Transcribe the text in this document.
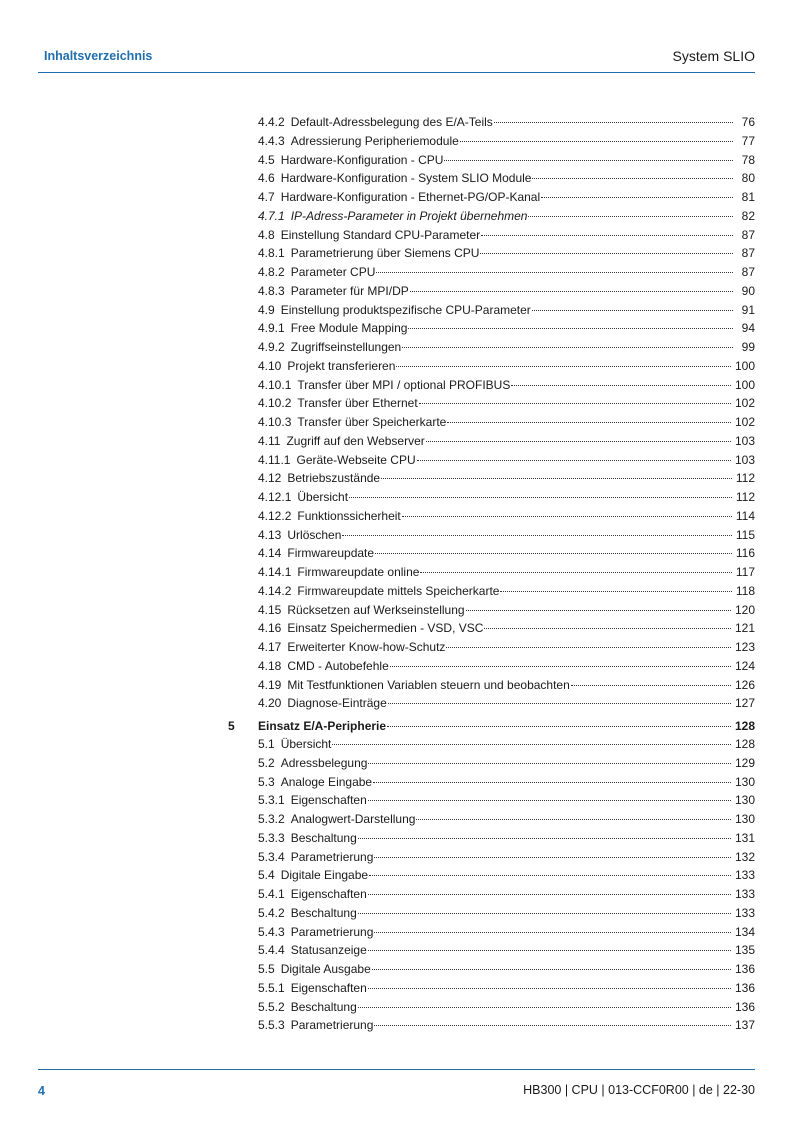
Inhaltsverzeichnis	System SLIO
4.4.2 Default-Adressbelegung des E/A-Teils	76
4.4.3 Adressierung Peripheriemodule	77
4.5 Hardware-Konfiguration - CPU	78
4.6 Hardware-Konfiguration - System SLIO Module	80
4.7 Hardware-Konfiguration - Ethernet-PG/OP-Kanal	81
4.7.1 IP-Adress-Parameter in Projekt übernehmen	82
4.8 Einstellung Standard CPU-Parameter	87
4.8.1 Parametrierung über Siemens CPU	87
4.8.2 Parameter CPU	87
4.8.3 Parameter für MPI/DP	90
4.9 Einstellung produktspezifische CPU-Parameter	91
4.9.1 Free Module Mapping	94
4.9.2 Zugriffseinstellungen	99
4.10 Projekt transferieren	100
4.10.1 Transfer über MPI / optional PROFIBUS	100
4.10.2 Transfer über Ethernet	102
4.10.3 Transfer über Speicherkarte	102
4.11 Zugriff auf den Webserver	103
4.11.1 Geräte-Webseite CPU	103
4.12 Betriebszustände	112
4.12.1 Übersicht	112
4.12.2 Funktionssicherheit	114
4.13 Urlöschen	115
4.14 Firmwareupdate	116
4.14.1 Firmwareupdate online	117
4.14.2 Firmwareupdate mittels Speicherkarte	118
4.15 Rücksetzen auf Werkseinstellung	120
4.16 Einsatz Speichermedien - VSD, VSC	121
4.17 Erweiterter Know-how-Schutz	123
4.18 CMD - Autobefehle	124
4.19 Mit Testfunktionen Variablen steuern und beobachten	126
4.20 Diagnose-Einträge	127
5 Einsatz E/A-Peripherie	128
5.1 Übersicht	128
5.2 Adressbelegung	129
5.3 Analoge Eingabe	130
5.3.1 Eigenschaften	130
5.3.2 Analogwert-Darstellung	130
5.3.3 Beschaltung	131
5.3.4 Parametrierung	132
5.4 Digitale Eingabe	133
5.4.1 Eigenschaften	133
5.4.2 Beschaltung	133
5.4.3 Parametrierung	134
5.4.4 Statusanzeige	135
5.5 Digitale Ausgabe	136
5.5.1 Eigenschaften	136
5.5.2 Beschaltung	136
5.5.3 Parametrierung	137
4	HB300 | CPU | 013-CCF0R00 | de | 22-30
